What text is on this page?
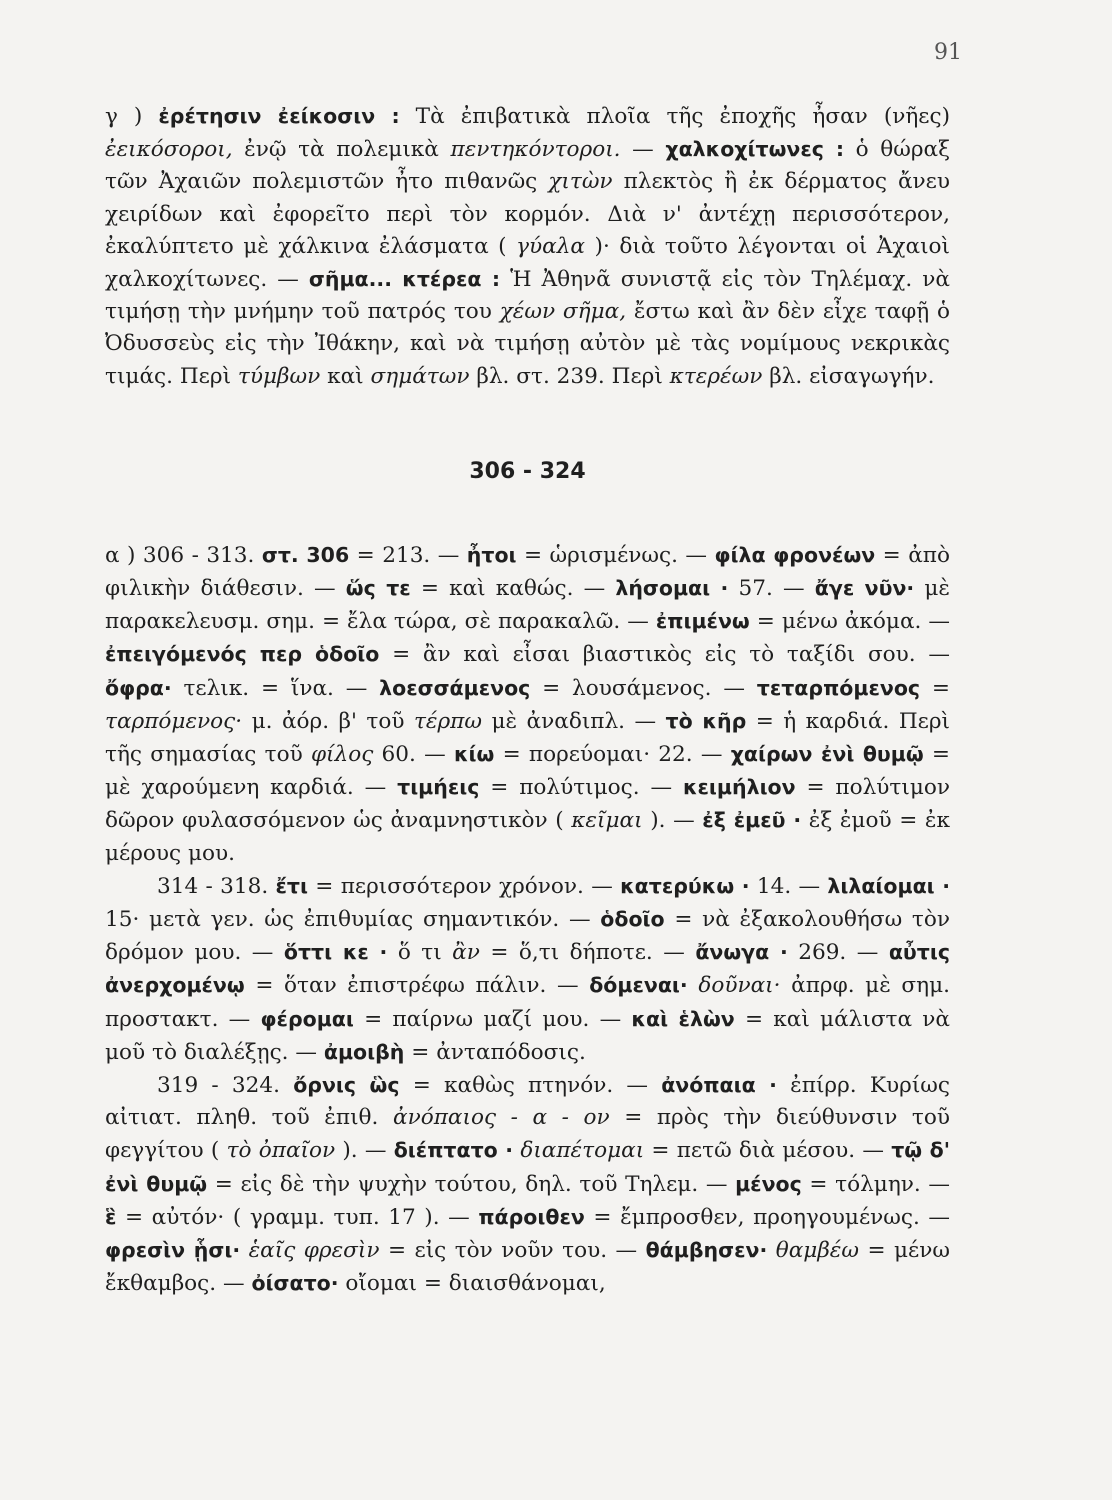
91

γ ) ἐρέτησιν ἐείκοσιν : Τὰ ἐπιβατικὰ πλοῖα τῆς ἐποχῆς ἦσαν (νῆες) ἐεικόσοροι, ἐνῷ τὰ πολεμικὰ πεντηκόντοροι. — χαλκοχίτωνες : ὁ θώραξ τῶν Ἀχαιῶν πολεμιστῶν ἦτο πιθανῶς χιτὼν πλεκτὸς ἢ ἐκ δέρματος ἄνευ χειρίδων καὶ ἐφορεῖτο περὶ τὸν κορμόν. Διὰ ν' ἀντέχῃ περισσότερον, ἐκαλύπτετο μὲ χάλκινα ἐλάσματα ( γύαλα )· διὰ τοῦτο λέγονται οἱ Ἀχαιοὶ χαλκοχίτωνες. — σῆμα... κτέρεα : Ἡ Ἀθηνᾶ συνιστᾷ εἰς τὸν Τηλέμαχ. νὰ τιμήσῃ τὴν μνήμην τοῦ πατρός του χέων σῆμα, ἔστω καὶ ἂν δὲν εἶχε ταφῇ ὁ Ὀδυσσεὺς εἰς τὴν Ἰθάκην, καὶ νὰ τιμήσῃ αὐτὸν μὲ τὰς νομίμους νεκρικὰς τιμάς. Περὶ τύμβων καὶ σημάτων βλ. στ. 239. Περὶ κτερέων βλ. εἰσαγωγήν.

306 - 324

α ) 306 - 313. στ. 306 = 213. — ἦτοι = ὡρισμένως. — φίλα φρονέων = ἀπὸ φιλικὴν διάθεσιν. — ὥς τε = καὶ καθώς. — λήσομαι · 57. — ἄγε νῦν· μὲ παρακελευσμ. σημ. = ἔλα τώρα, σὲ παρακαλῶ. — ἐπιμένω = μένω ἀκόμα. — ἐπειγόμενός περ ὁδοῖο = ἂν καὶ εἶσαι βιαστικὸς εἰς τὸ ταξίδι σου. — ὄφρα· τελικ. = ἵνα. — λοεσσάμενος = λουσάμενος. — τεταρπόμενος = ταρπόμενος· μ. ἀόρ. β' τοῦ τέρπω μὲ ἀναδιπλ. — τὸ κῆρ = ἡ καρδιά. Περὶ τῆς σημασίας τοῦ φίλος 60. — κίω = πορεύομαι· 22. — χαίρων ἐνὶ θυμῷ = μὲ χαρούμενη καρδιά. — τιμήεις = πολύτιμος. — κειμήλιον = πολύτιμον δῶρον φυλασσόμενον ὡς ἀναμνηστικὸν ( κεῖμαι ). — ἐξ ἐμεῦ · ἐξ ἐμοῦ = ἐκ μέρους μου.

314 - 318. ἔτι = περισσότερον χρόνον. — κατερύκω · 14. — λιλαίομαι · 15· μετὰ γεν. ὡς ἐπιθυμίας σημαντικόν. — ὁδοῖο = νὰ ἐξακολουθήσω τὸν δρόμον μου. — ὅττι κε · ὅ τι ἂν = ὅ,τι δήποτε. — ἄνωγα · 269. — αὖτις ἀνερχομένῳ = ὅταν ἐπιστρέφω πάλιν. — δόμεναι· δοῦναι· ἀπρφ. μὲ σημ. προστακτ. — φέρομαι = παίρνω μαζί μου. — καὶ ἑλὼν = καὶ μάλιστα νὰ μοῦ τὸ διαλέξῃς. — ἀμοιβὴ = ἀνταπόδοσις.

319 - 324. ὄρνις ὣς = καθὼς πτηνόν. — ἀνόπαια · ἐπίρρ. Κυρίως αἰτιατ. πληθ. τοῦ ἐπιθ. ἀνόπαιος - α - ον = πρὸς τὴν διεύθυνσιν τοῦ φεγγίτου ( τὸ ὀπαῖον ). — διέπτατο · διαπέτομαι = πετῶ διὰ μέσου. — τῷ δ' ἐνὶ θυμῷ = εἰς δὲ τὴν ψυχὴν τούτου, δηλ. τοῦ Τηλεμ. — μένος = τόλμην. — ἓ = αὐτόν· ( γραμμ. τυπ. 17 ). — πάροιθεν = ἔμπροσθεν, προηγουμένως. — φρεσὶν ᾗσι· ἑαῖς φρεσὶν = εἰς τὸν νοῦν του. — θάμβησεν· θαμβέω = μένω ἔκθαμβος. — ὀίσατο· οἴομαι = διαισθάνομαι,
